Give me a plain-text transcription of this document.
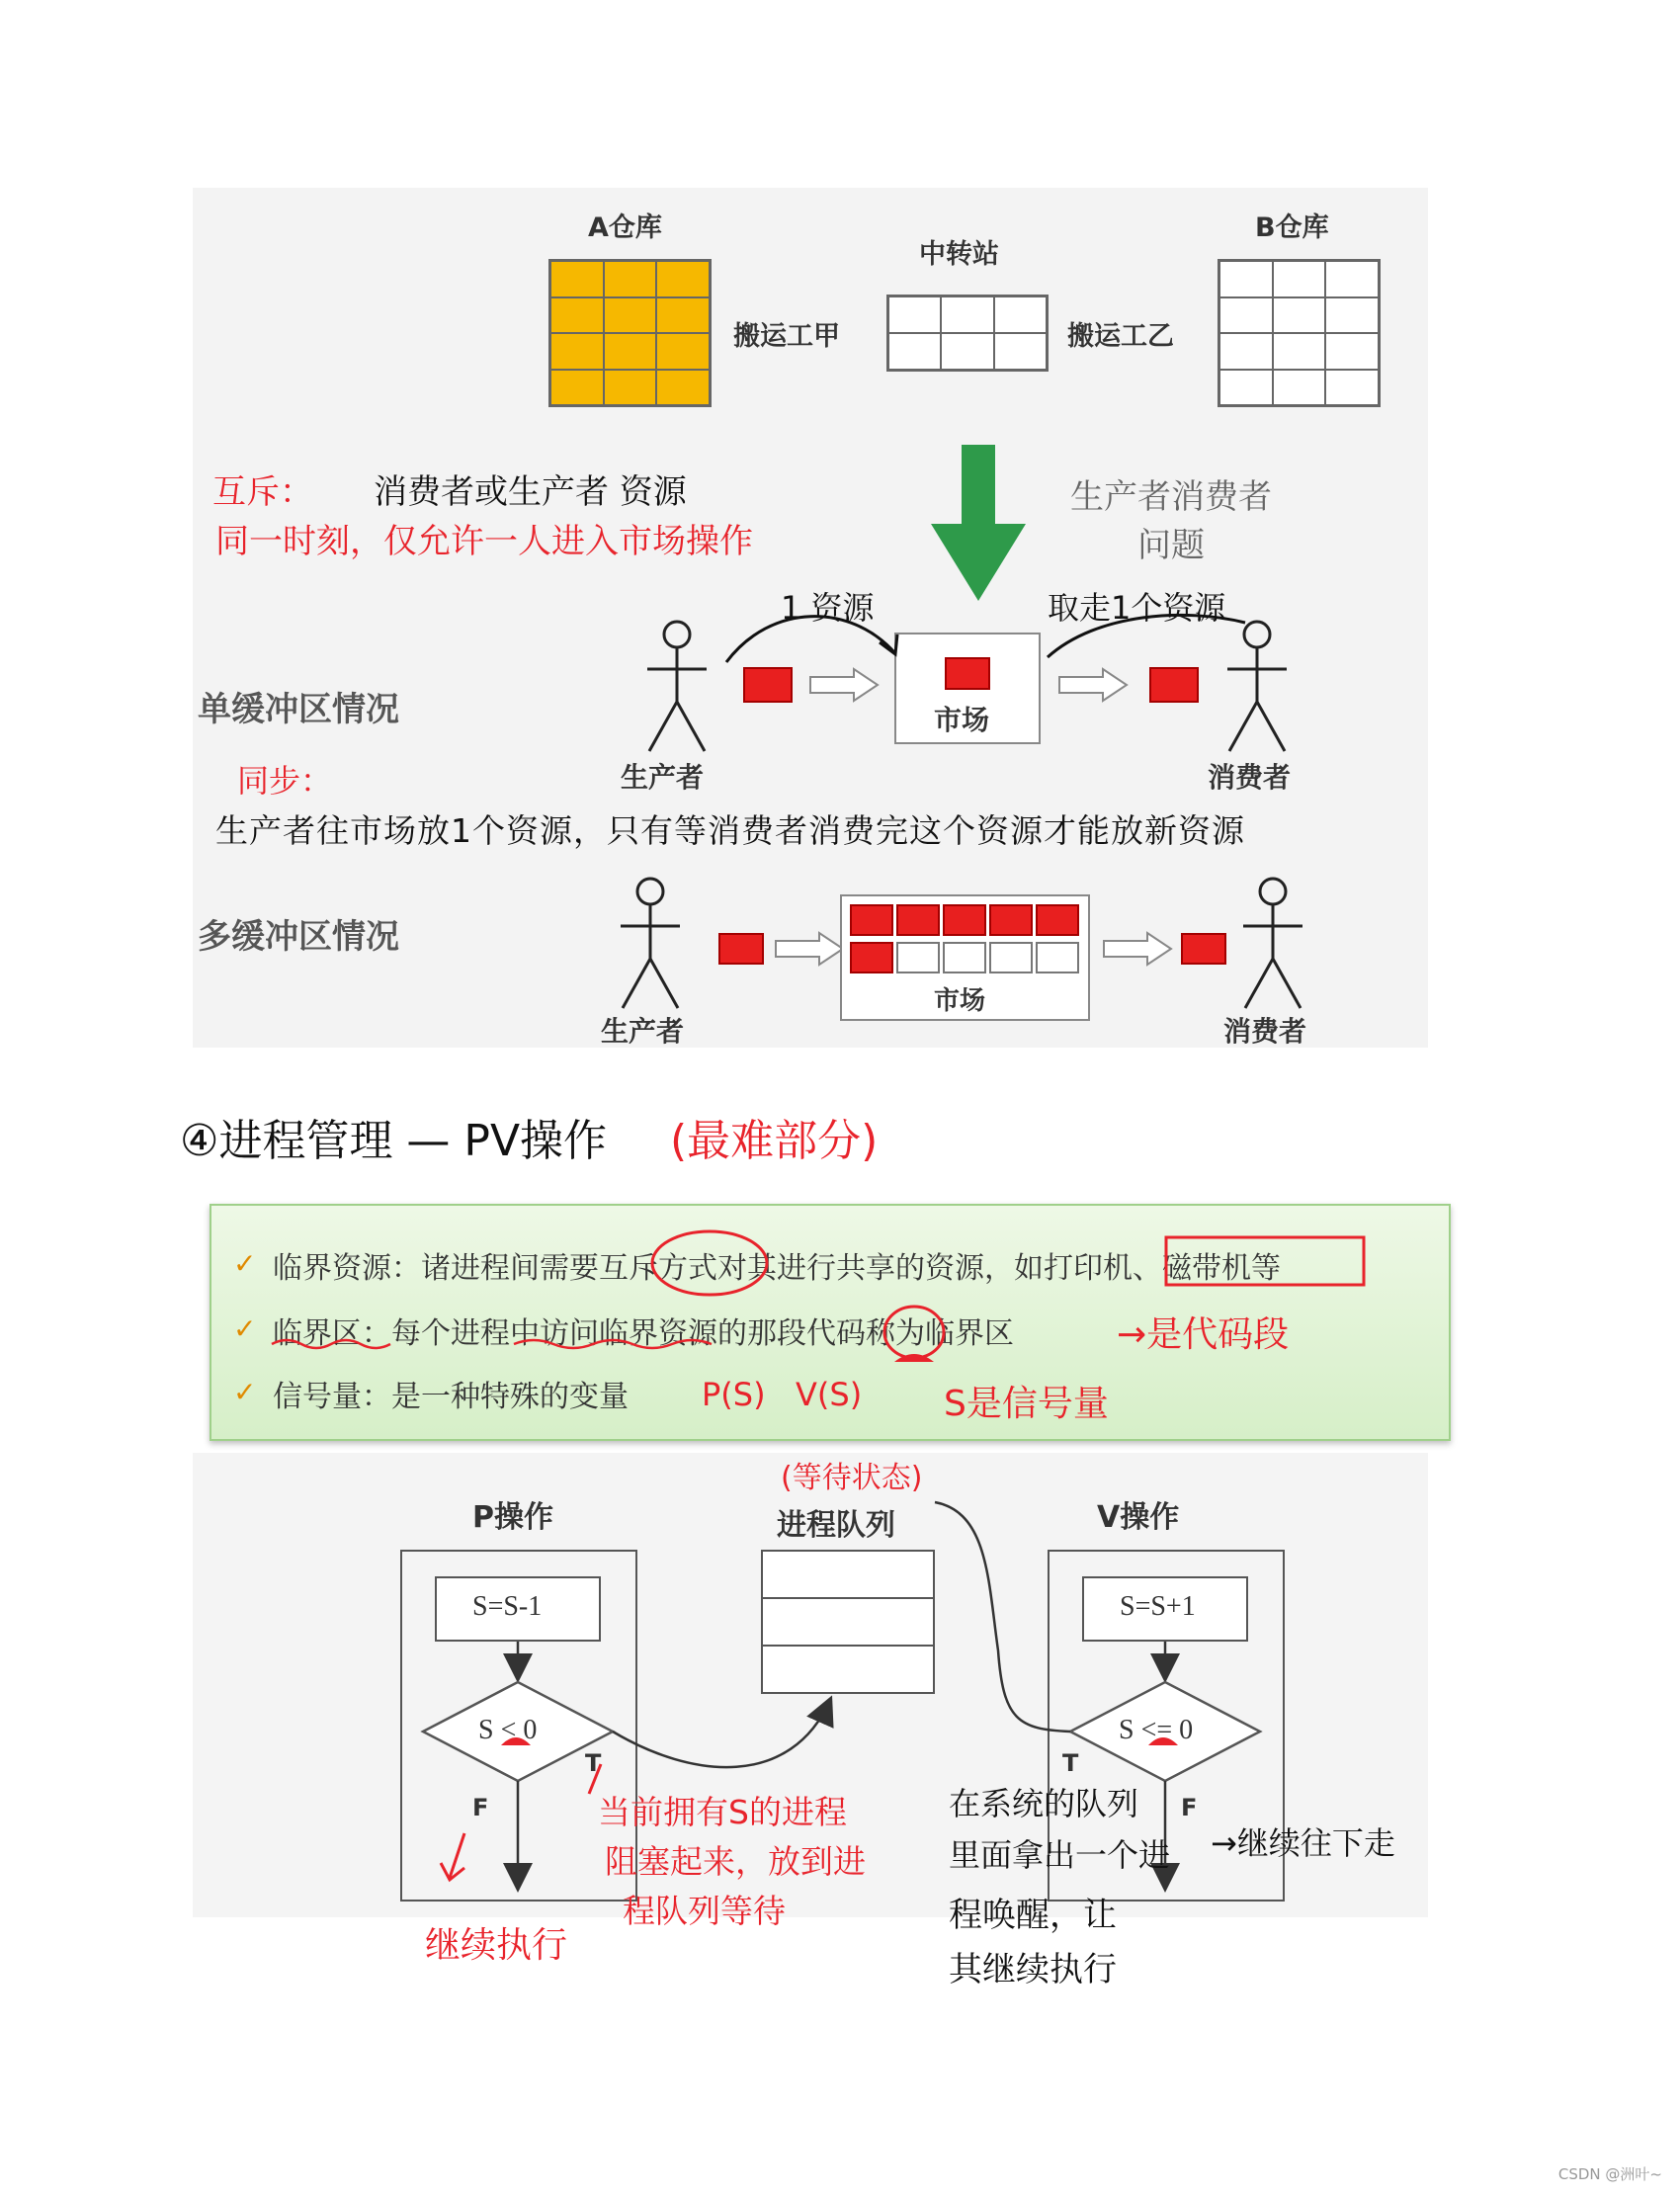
A仓库
中转站
B仓库
搬运工甲	搬运工乙
生产者消费者
问题
互斥： 消费者或生产者 资源
同一时刻，仅允许一人进入市场操作
单缓冲区情况
生产者
市场
消费者
1 资源	取走1个资源
同步：
生产者往市场放1个资源，只有等消费者消费完这个资源才能放新资源
多缓冲区情况
生产者
市场
消费者
④进程管理 — PV操作 (最难部分)
✓ 临界资源：诸进程间需要互斥方式对其进行共享的资源，如打印机、磁带机等
✓ 临界区：每个进程中访问临界资源的那段代码称为临界区
✓ 信号量：是一种特殊的变量
→是代码段
P(S) V(S) S是信号量
P操作
S=S-1
进程队列
(等待状态)
V操作
S=S+1
S < 0	S <= 0
T
F
T
F
继续执行
当前拥有S的进程
阻塞起来，放到进
程队列等待
在系统的队列
里面拿出一个进
程唤醒，让
其继续执行
→继续往下走
CSDN @洲叶~
